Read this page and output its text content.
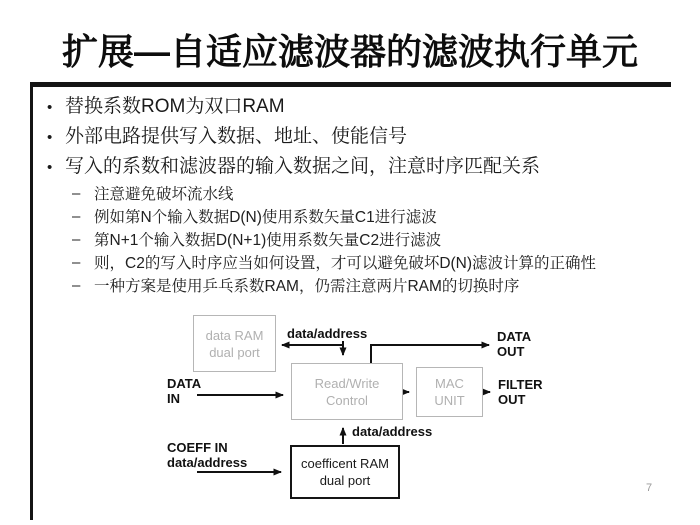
扩展—自适应滤波器的滤波执行单元
• 替换系数ROM为双口RAM
• 外部电路提供写入数据、地址、使能信号
• 写入的系数和滤波器的输入数据之间，注意时序匹配关系
– 注意避免破坏流水线
– 例如第N个输入数据D(N)使用系数矢量C1进行滤波
– 第N+1个输入数据D(N+1)使用系数矢量C2进行滤波
– 则，C2的写入时序应当如何设置，才可以避免破坏D(N)滤波计算的正确性
– 一种方案是使用乒乓系数RAM，仍需注意两片RAM的切换时序
data RAM
dual port
Read/Write
Control
MAC
UNIT
coefficent RAM
dual port
data/address	DATA
OUT
DATA
IN
FILTER
OUT
data/address
COEFF IN
data/address
7
